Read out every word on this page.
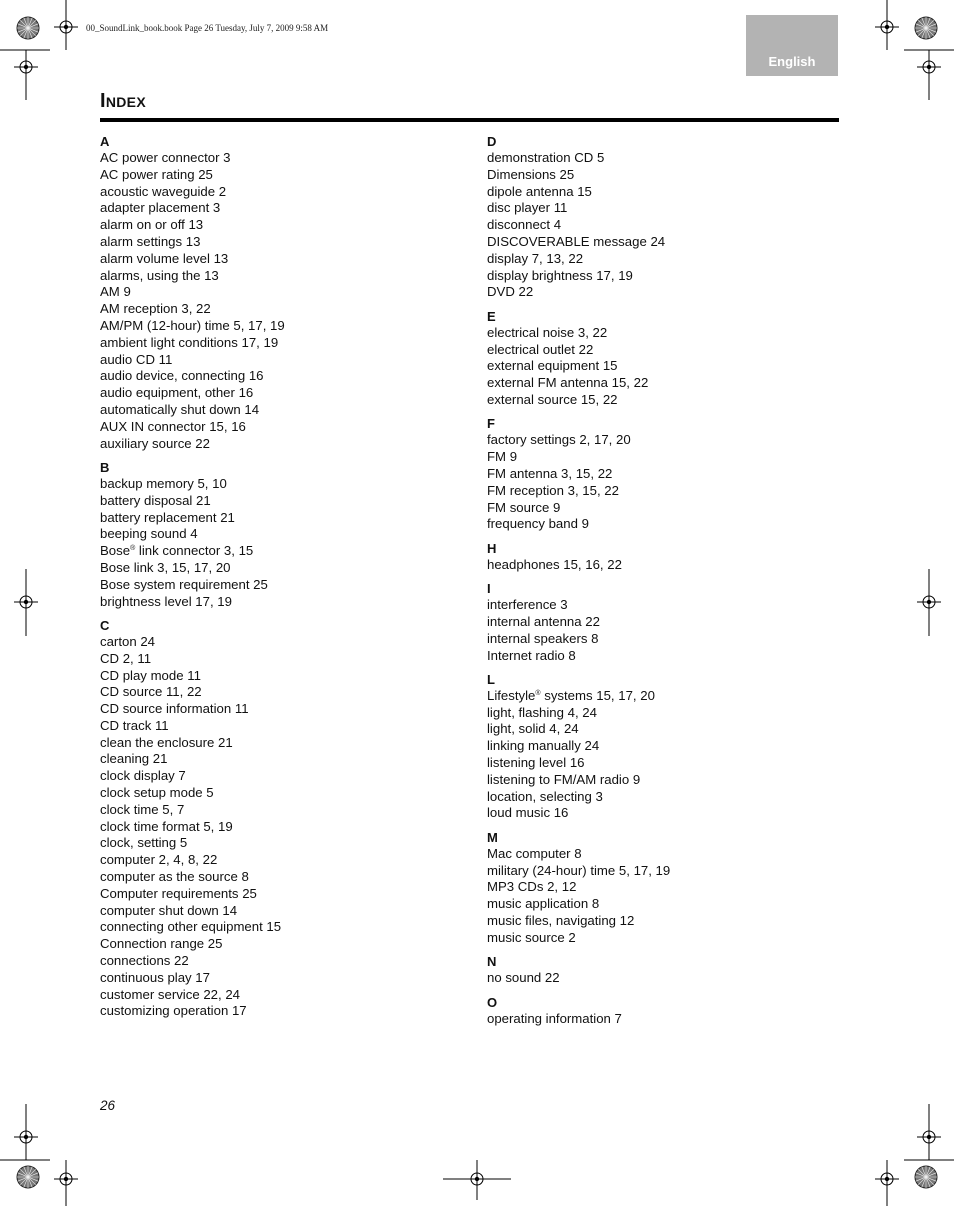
00_SoundLink_book.book Page 26 Tuesday, July 7, 2009 9:58 AM
English
Index
A
AC power connector 3
AC power rating 25
acoustic waveguide 2
adapter placement 3
alarm on or off 13
alarm settings 13
alarm volume level 13
alarms, using the 13
AM 9
AM reception 3, 22
AM/PM (12-hour) time 5, 17, 19
ambient light conditions 17, 19
audio CD 11
audio device, connecting 16
audio equipment, other 16
automatically shut down 14
AUX IN connector 15, 16
auxiliary source 22
B
backup memory 5, 10
battery disposal 21
battery replacement 21
beeping sound 4
Bose® link connector 3, 15
Bose link 3, 15, 17, 20
Bose system requirement 25
brightness level 17, 19
C
carton 24
CD 2, 11
CD play mode 11
CD source 11, 22
CD source information 11
CD track 11
clean the enclosure 21
cleaning 21
clock display 7
clock setup mode 5
clock time 5, 7
clock time format 5, 19
clock, setting 5
computer 2, 4, 8, 22
computer as the source 8
Computer requirements 25
computer shut down 14
connecting other equipment 15
Connection range 25
connections 22
continuous play 17
customer service 22, 24
customizing operation 17
D
demonstration CD 5
Dimensions 25
dipole antenna 15
disc player 11
disconnect 4
DISCOVERABLE message 24
display 7, 13, 22
display brightness 17, 19
DVD 22
E
electrical noise 3, 22
electrical outlet 22
external equipment 15
external FM antenna 15, 22
external source 15, 22
F
factory settings 2, 17, 20
FM 9
FM antenna 3, 15, 22
FM reception 3, 15, 22
FM source 9
frequency band 9
H
headphones 15, 16, 22
I
interference 3
internal antenna 22
internal speakers 8
Internet radio 8
L
Lifestyle® systems 15, 17, 20
light, flashing 4, 24
light, solid 4, 24
linking manually 24
listening level 16
listening to FM/AM radio 9
location, selecting 3
loud music 16
M
Mac computer 8
military (24-hour) time 5, 17, 19
MP3 CDs 2, 12
music application 8
music files, navigating 12
music source 2
N
no sound 22
O
operating information 7
26
